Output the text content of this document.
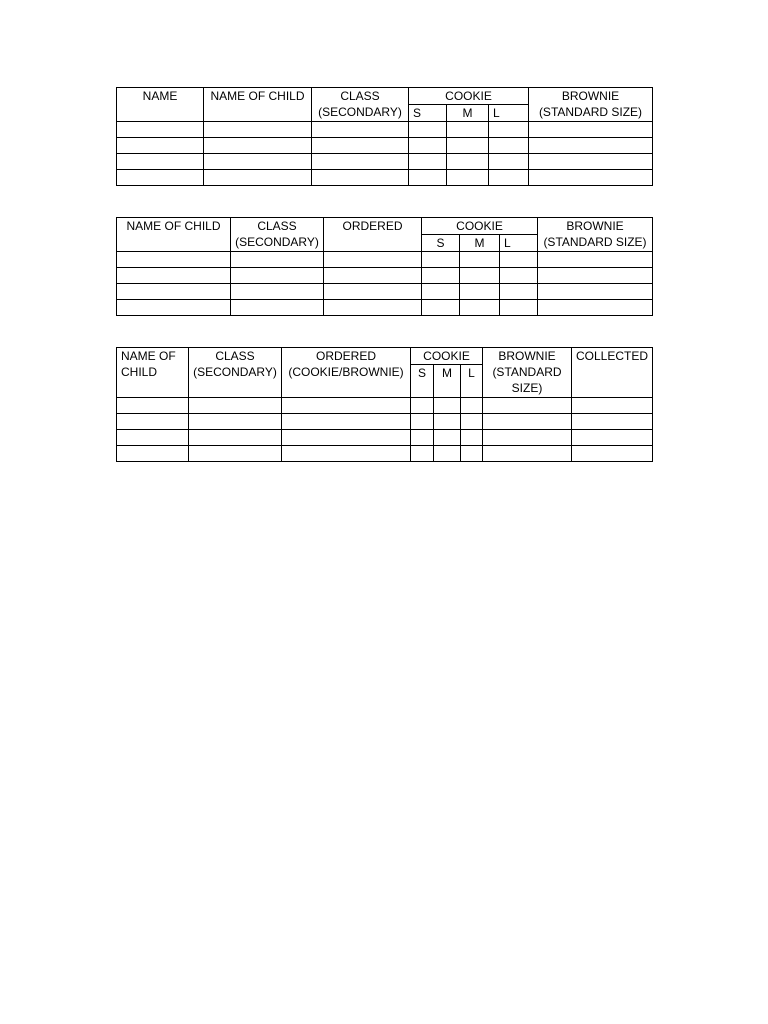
NAME	NAME OF CHILD	CLASS (SECONDARY)	COOKIE			BROWNIE (STANDARD SIZE)
			S	M	L	

NAME OF CHILD	CLASS (SECONDARY)	ORDERED	COOKIE			BROWNIE (STANDARD SIZE)
			S	M	L	

NAME OF CHILD	CLASS (SECONDARY)	ORDERED (COOKIE/BROWNIE)	COOKIE			BROWNIE (STANDARD SIZE)	COLLECTED
			S	M	L		
